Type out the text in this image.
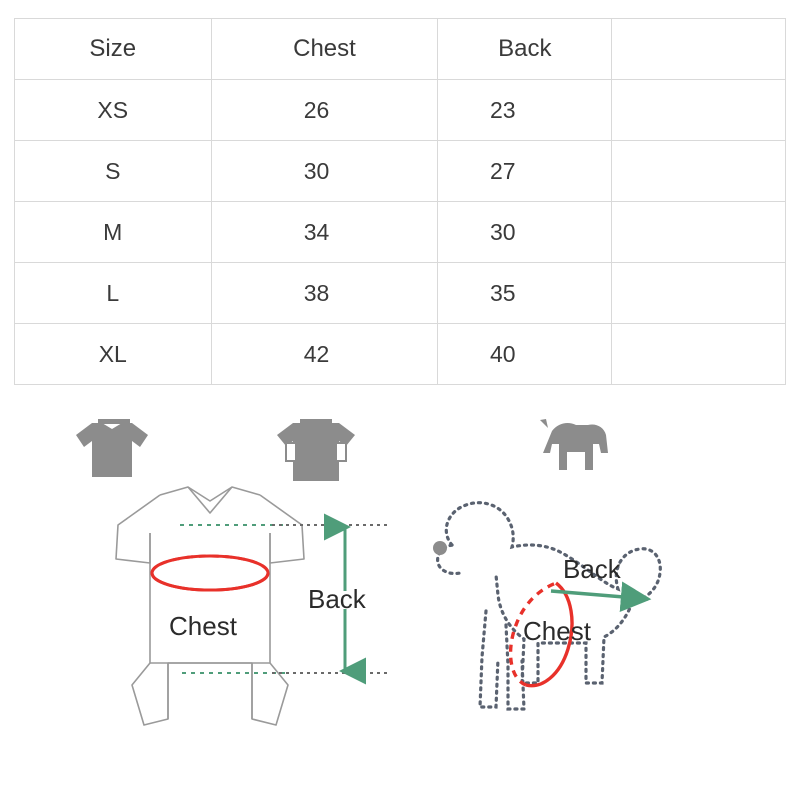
Size	Chest	Back	
XS	26	23	

S	30	27	

M	34	30	

L	38	35	

XL	42	40	

Chest
Back
Back
Chest
